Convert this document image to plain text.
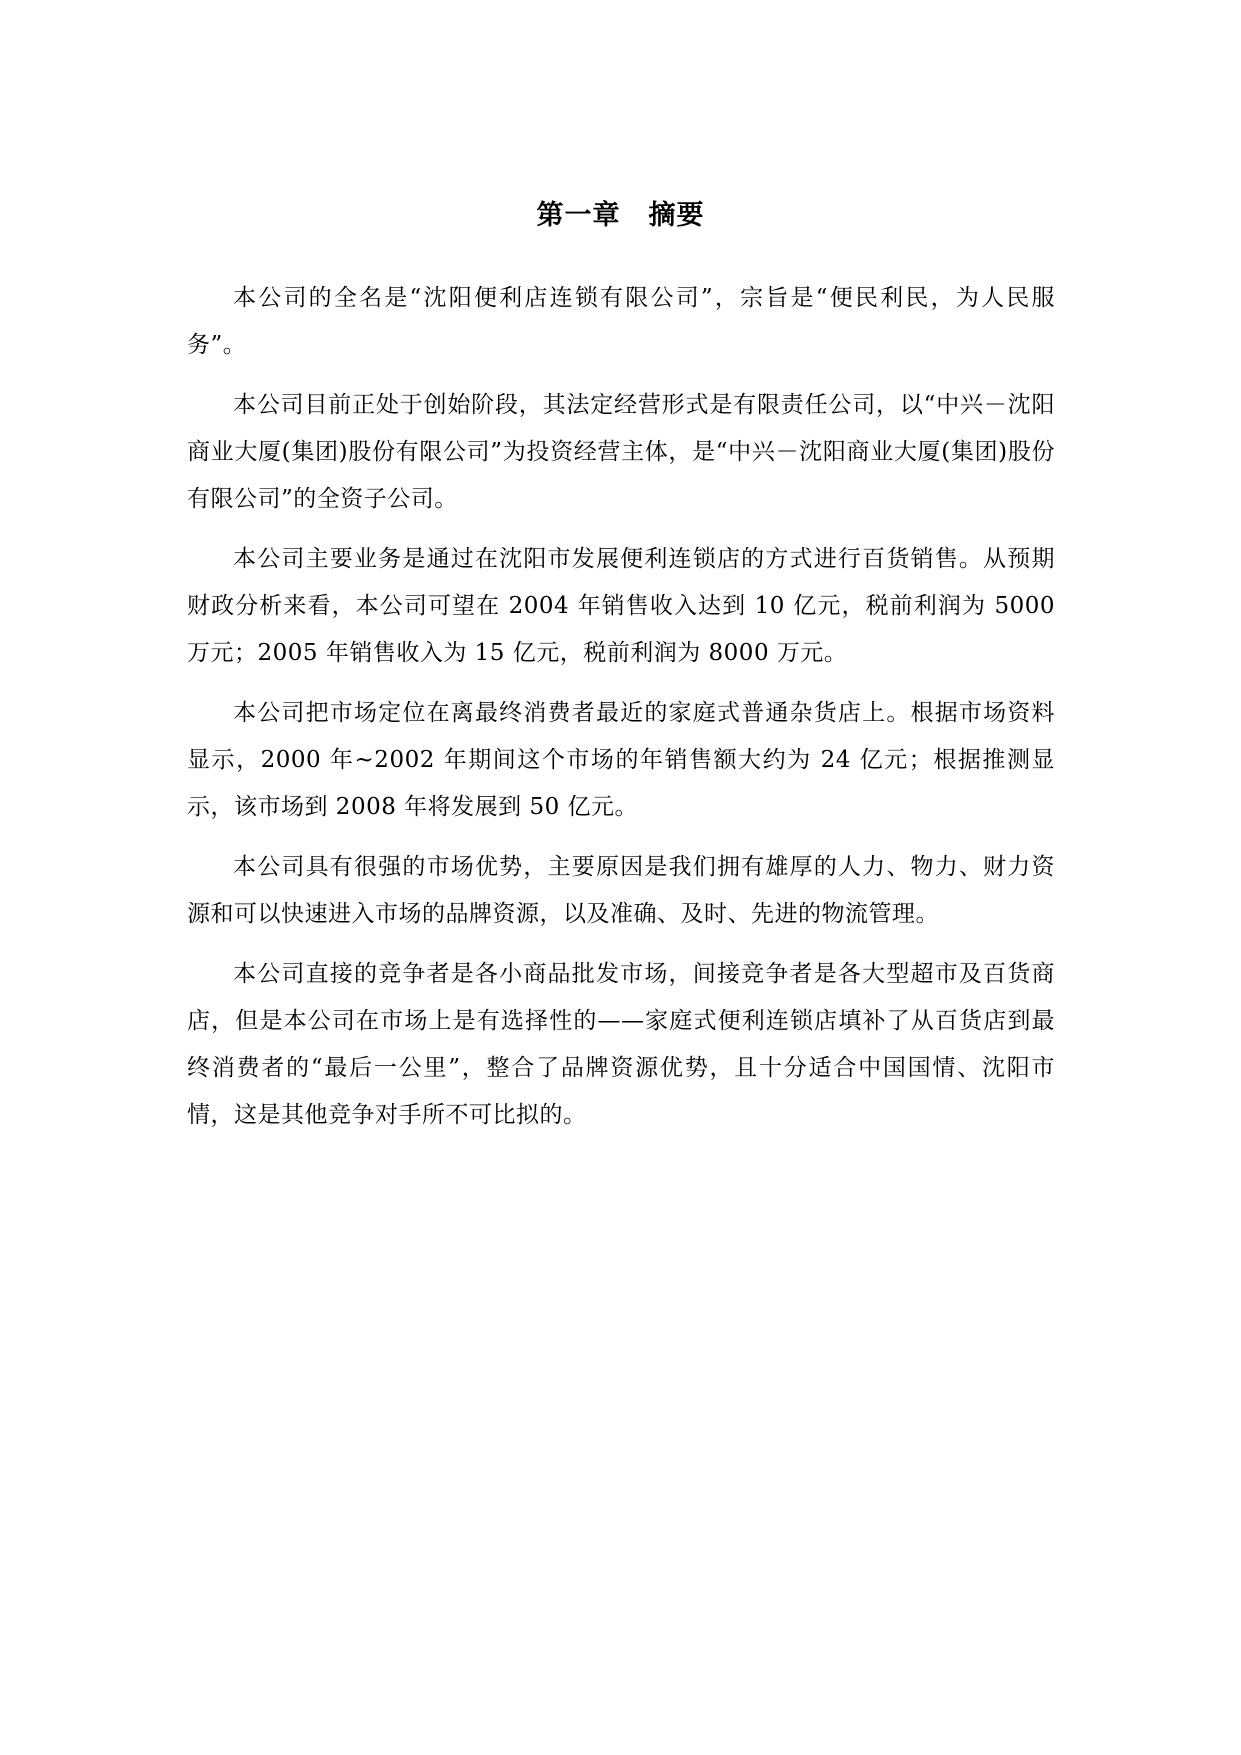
第一章　摘要

本公司的全名是“沈阳便利店连锁有限公司”，宗旨是“便民利民，为人民服务”。

本公司目前正处于创始阶段，其法定经营形式是有限责任公司，以“中兴－沈阳商业大厦(集团)股份有限公司”为投资经营主体，是“中兴－沈阳商业大厦(集团)股份有限公司”的全资子公司。

本公司主要业务是通过在沈阳市发展便利连锁店的方式进行百货销售。从预期财政分析来看，本公司可望在 2004 年销售收入达到 10 亿元，税前利润为 5000 万元；2005 年销售收入为 15 亿元，税前利润为 8000 万元。

本公司把市场定位在离最终消费者最近的家庭式普通杂货店上。根据市场资料显示，2000 年~2002 年期间这个市场的年销售额大约为 24 亿元；根据推测显示，该市场到 2008 年将发展到 50 亿元。

本公司具有很强的市场优势，主要原因是我们拥有雄厚的人力、物力、财力资源和可以快速进入市场的品牌资源，以及准确、及时、先进的物流管理。

本公司直接的竞争者是各小商品批发市场，间接竞争者是各大型超市及百货商店，但是本公司在市场上是有选择性的——家庭式便利连锁店填补了从百货店到最终消费者的“最后一公里”，整合了品牌资源优势，且十分适合中国国情、沈阳市情，这是其他竞争对手所不可比拟的。
